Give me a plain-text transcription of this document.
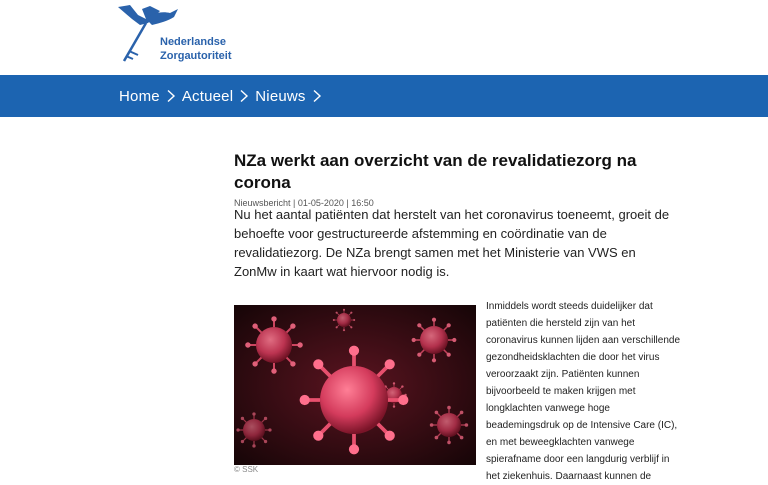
Nederlandse
Zorgautoriteit
Home Actueel Nieuws
NZa werkt aan overzicht van de revalidatiezorg na corona
Nieuwsbericht | 01-05-2020 | 16:50

Nu het aantal patiënten dat herstelt van het coronavirus toeneemt, groeit de behoefte voor gestructureerde afstemming en coördinatie van de revalidatiezorg. De NZa brengt samen met het Ministerie van VWS en ZonMw in kaart wat hiervoor nodig is.

© SSK

Inmiddels wordt steeds duidelijker dat patiënten die hersteld zijn van het coronavirus kunnen lijden aan verschillende gezondheidsklachten die door het virus veroorzaakt zijn. Patiënten kunnen bijvoorbeeld te maken krijgen met longklachten vanwege hoge beademingsdruk op de Intensive Care (IC), en met beweegklachten vanwege spierafname door een langdurig verblijf in het ziekenhuis. Daarnaast kunnen de
